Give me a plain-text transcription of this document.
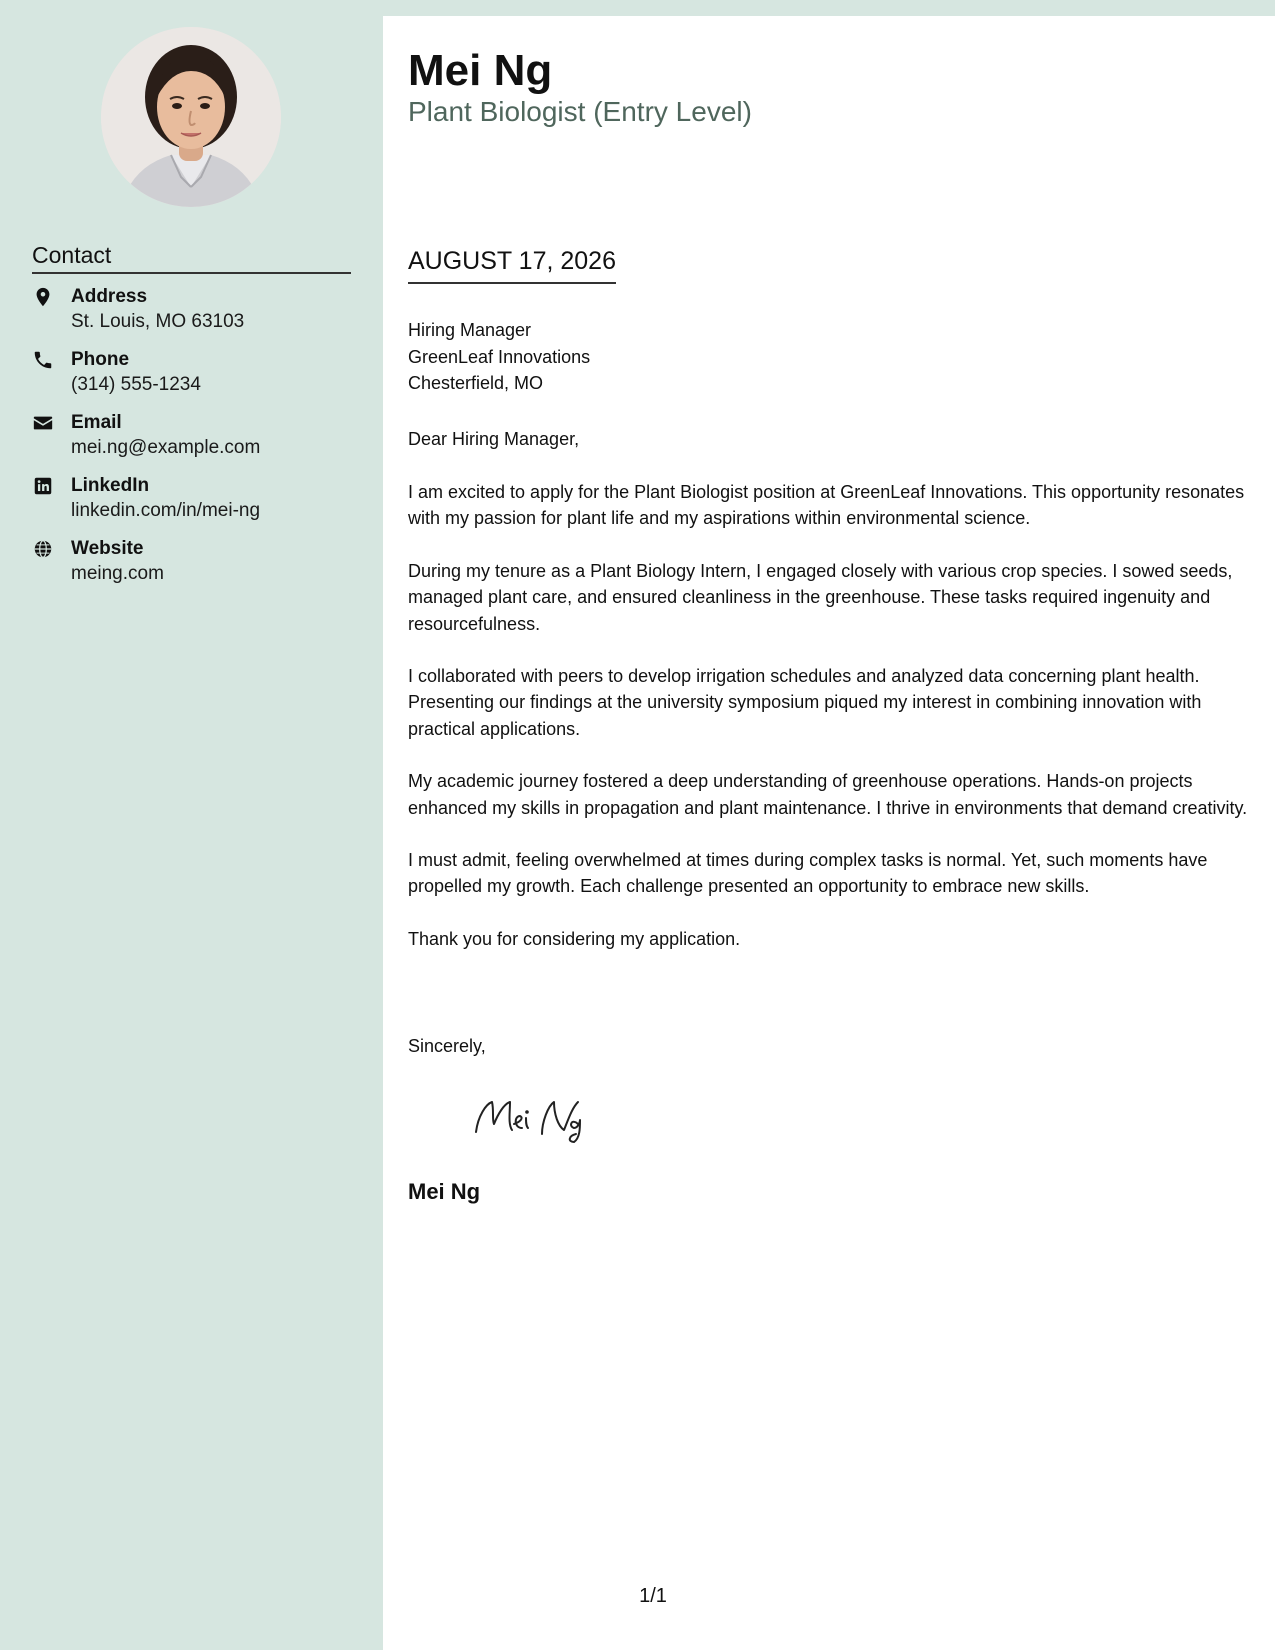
Contact
Address
St. Louis, MO 63103
Phone
(314) 555-1234
Email
mei.ng@example.com
LinkedIn
linkedin.com/in/mei-ng
Website
meing.com
Mei Ng
Plant Biologist (Entry Level)
AUGUST 17, 2026
Hiring Manager
GreenLeaf Innovations
Chesterfield, MO
Dear Hiring Manager,

I am excited to apply for the Plant Biologist position at GreenLeaf Innovations. This opportunity resonates with my passion for plant life and my aspirations within environmental science.

During my tenure as a Plant Biology Intern, I engaged closely with various crop species. I sowed seeds, managed plant care, and ensured cleanliness in the greenhouse. These tasks required ingenuity and resourcefulness.

I collaborated with peers to develop irrigation schedules and analyzed data concerning plant health. Presenting our findings at the university symposium piqued my interest in combining innovation with practical applications.

My academic journey fostered a deep understanding of greenhouse operations. Hands-on projects enhanced my skills in propagation and plant maintenance. I thrive in environments that demand creativity.

I must admit, feeling overwhelmed at times during complex tasks is normal. Yet, such moments have propelled my growth. Each challenge presented an opportunity to embrace new skills.

Thank you for considering my application.

Sincerely,
Mei Ng
1/1
